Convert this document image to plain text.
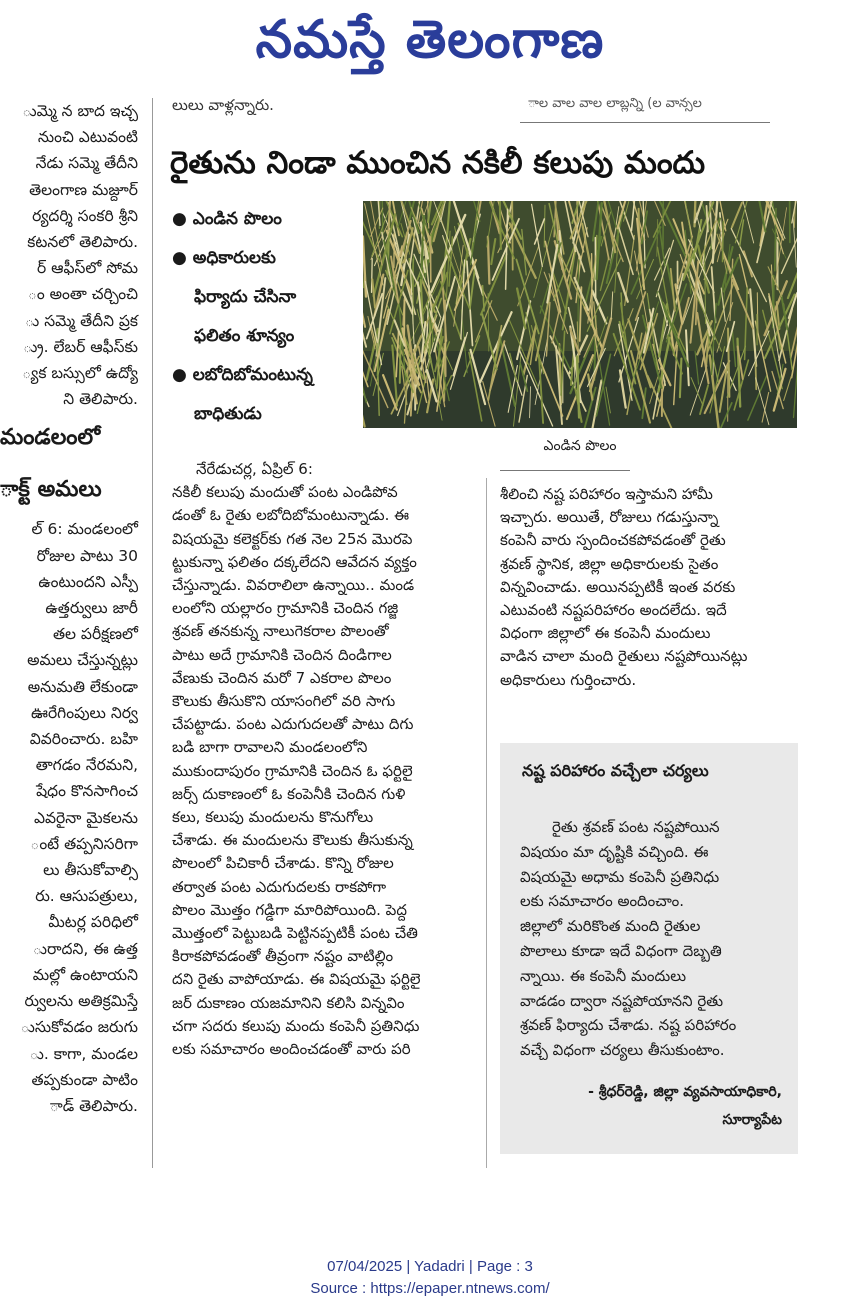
నమస్తే తెలంగాణ
ుమ్మె న బాద ఇచ్చ
నుంచి ఎటువంటి
నేడు సమ్మె తేదీని
తెలంగాణ మజ్దూర్
ర్యదర్శి సంకరి శ్రీని
కటనలో తెలిపారు.
ర్ ఆఫీస్‌లో సోమ
ం అంతా చర్చించి
ు సమ్మె తేదీని ప్రక
్రు. లేబర్ ఆఫీస్‌కు
్యక బస్సులో ఉద్యో
ని తెలిపారు.
మండలంలో
ాక్ట్ అమలు
ల్ 6: మండలంలో
రోజుల పాటు 30
ఉంటుందని ఎస్పీ
ఉత్తర్వులు జారీ
తల పరీక్షణలో
అమలు చేస్తున్నట్లు
అనుమతి లేకుండా
ఊరేగింపులు నిర్వ
వివరించారు. బహి
తాగడం నేరమని,
షేధం కొనసాగించ
ఎవరైనా మైకలను
ంటే తప్పనిసరిగా
లు తీసుకోవాల్సి
రు. ఆసుపత్రులు,
మీటర్ల పరిధిలో
ురాదని, ఈ ఉత్త
మల్లో ఉంటాయని
ర్వులను అతిక్రమిస్తే
ుసుకోవడం జరుగు
ు. కాగా, మండల
తప్పకుండా పాటిం
ాడ్ తెలిపారు.
లులు వాళ్లన్నారు.	ాల వాల వాల లాబ్లన్ని (ల వాన్సల
రైతును నిండా ముంచిన నకిలీ కలుపు మందు
● ఎండిన పొలం
● అధికారులకు
ఫిర్యాదు చేసినా
ఫలితం శూన్యం
● లబోదిబోమంటున్న
బాధితుడు
ఎండిన పొలం
నేరేడుచర్ల, ఏప్రిల్ 6:
నకిలీ కలుపు మందుతో పంట ఎండిపోవ
డంతో ఓ రైతు లబోదిబోమంటున్నాడు. ఈ
విషయమై కలెక్టర్‌కు గత నెల 25న మొరపె
ట్టుకున్నా ఫలితం దక్కలేదని ఆవేదన వ్యక్తం
చేస్తున్నాడు. వివరాలిలా ఉన్నాయి.. మండ
లంలోని యల్లారం గ్రామానికి చెందిన గజ్జి
శ్రవణ్ తనకున్న నాలుగెకరాల పొలంతో
పాటు అదే గ్రామానికి చెందిన దిండిగాల
వేణుకు చెందిన మరో 7 ఎకరాల పొలం
కౌలుకు తీసుకొని యాసంగిలో వరి సాగు
చేపట్టాడు. పంట ఎదుగుదలతో పాటు దిగు
బడి బాగా రావాలని మండలంలోని
ముకుందాపురం గ్రామానికి చెందిన ఓ ఫర్టిలై
జర్స్ దుకాణంలో ఓ కంపెనీకి చెందిన గుళి
కలు, కలుపు మందులను కొనుగోలు
చేశాడు. ఈ మందులను కౌలుకు తీసుకున్న
పొలంలో పిచికారీ చేశాడు. కొన్ని రోజుల
తర్వాత పంట ఎదుగుదలకు రాకపోగా
పొలం మొత్తం గడ్డిగా మారిపోయింది. పెద్ద
మొత్తంలో పెట్టుబడి పెట్టినప్పటికీ పంట చేతి
కిరాకపోవడంతో తీవ్రంగా నష్టం వాటిల్లిం
దని రైతు వాపోయాడు. ఈ విషయమై ఫర్టిలై
జర్ దుకాణం యజమానిని కలిసి విన్నవిం
చగా సదరు కలుపు మందు కంపెనీ ప్రతినిధు
లకు సమాచారం అందించడంతో వారు పరి
శీలించి నష్ట పరిహారం ఇస్తామని హామీ
ఇచ్చారు. అయితే, రోజులు గడుస్తున్నా
కంపెనీ వారు స్పందించకపోవడంతో రైతు
శ్రవణ్ స్థానిక, జిల్లా అధికారులకు సైతం
విన్నవించాడు. అయినప్పటికీ ఇంత వరకు
ఎటువంటి నష్టపరిహారం అందలేదు. ఇదే
విధంగా జిల్లాలో ఈ కంపెనీ మందులు
వాడిన చాలా మంది రైతులు నష్టపోయినట్లు
అధికారులు గుర్తించారు.
నష్ట పరిహారం వచ్చేలా చర్యలు
రైతు శ్రవణ్ పంట నష్టపోయిన
విషయం మా దృష్టికి వచ్చింది. ఈ
విషయమై అధామ కంపెనీ ప్రతినిధు
లకు సమాచారం అందించాం.
జిల్లాలో మరికొంత మంది రైతుల
పొలాలు కూడా ఇదే విధంగా దెబ్బతి
న్నాయి. ఈ కంపెనీ మందులు
వాడడం ద్వారా నష్టపోయానని రైతు
శ్రవణ్ ఫిర్యాదు చేశాడు. నష్ట పరిహారం
వచ్చే విధంగా చర్యలు తీసుకుంటాం.
- శ్రీధర్‌రెడ్డి, జిల్లా వ్యవసాయాధికారి,
సూర్యాపేట
07/04/2025 | Yadadri | Page : 3
Source : https://epaper.ntnews.com/
